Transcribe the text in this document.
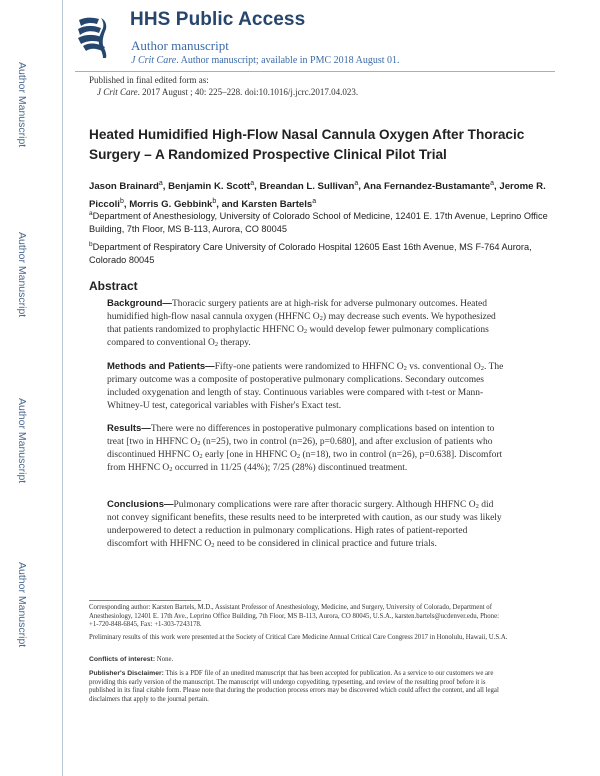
Author Manuscript
Author Manuscript
Author Manuscript
Author Manuscript
HHS Public Access
Author manuscript
J Crit Care. Author manuscript; available in PMC 2018 August 01.
Published in final edited form as:
J Crit Care. 2017 August ; 40: 225–228. doi:10.1016/j.jcrc.2017.04.023.
Heated Humidified High-Flow Nasal Cannula Oxygen After Thoracic Surgery – A Randomized Prospective Clinical Pilot Trial
Jason Brainard$^a$, Benjamin K. Scott$^a$, Breandan L. Sullivan$^a$, Ana Fernandez-Bustamante$^a$, Jerome R. Piccoli$^b$, Morris G. Gebbink$^b$, and Karsten Bartels$^a$
$^a$Department of Anesthesiology, University of Colorado School of Medicine, 12401 E. 17th Avenue, Leprino Office Building, 7th Floor, MS B-113, Aurora, CO 80045
$^b$Department of Respiratory Care University of Colorado Hospital 12605 East 16th Avenue, MS F-764 Aurora, Colorado 80045
Abstract
Background—Thoracic surgery patients are at high-risk for adverse pulmonary outcomes. Heated humidified high-flow nasal cannula oxygen (HHFNC $O_2$) may decrease such events. We hypothesized that patients randomized to prophylactic HHFNC $O_2$ would develop fewer pulmonary complications compared to conventional $O_2$ therapy.
Methods and Patients—Fifty-one patients were randomized to HHFNC $O_2$ vs. conventional $O_2$. The primary outcome was a composite of postoperative pulmonary complications. Secondary outcomes included oxygenation and length of stay. Continuous variables were compared with t-test or Mann-Whitney-U test, categorical variables with Fisher's Exact test.
Results—There were no differences in postoperative pulmonary complications based on intention to treat [two in HHFNC $O_2$ (n=25), two in control (n=26), p=0.680], and after exclusion of patients who discontinued HHFNC $O_2$ early [one in HHFNC $O_2$ (n=18), two in control (n=26), p=0.638]. Discomfort from HHFNC $O_2$ occurred in 11/25 (44%); 7/25 (28%) discontinued treatment.
Conclusions—Pulmonary complications were rare after thoracic surgery. Although HHFNC $O_2$ did not convey significant benefits, these results need to be interpreted with caution, as our study was likely underpowered to detect a reduction in pulmonary complications. High rates of patient-reported discomfort with HHFNC $O_2$ need to be considered in clinical practice and future trials.
Corresponding author: Karsten Bartels, M.D., Assistant Professor of Anesthesiology, Medicine, and Surgery, University of Colorado, Department of Anesthesiology, 12401 E. 17th Ave., Leprino Office Building, 7th Floor, MS B-113, Aurora, CO 80045, U.S.A., karsten.bartels@ucdenver.edu, Phone: +1-720-848-6845, Fax: +1-303-7243178.
Preliminary results of this work were presented at the Society of Critical Care Medicine Annual Critical Care Congress 2017 in Honolulu, Hawaii, U.S.A.
Conflicts of interest: None.
Publisher's Disclaimer: This is a PDF file of an unedited manuscript that has been accepted for publication. As a service to our customers we are providing this early version of the manuscript. The manuscript will undergo copyediting, typesetting, and review of the resulting proof before it is published in its final citable form. Please note that during the production process errors may be discovered which could affect the content, and all legal disclaimers that apply to the journal pertain.
